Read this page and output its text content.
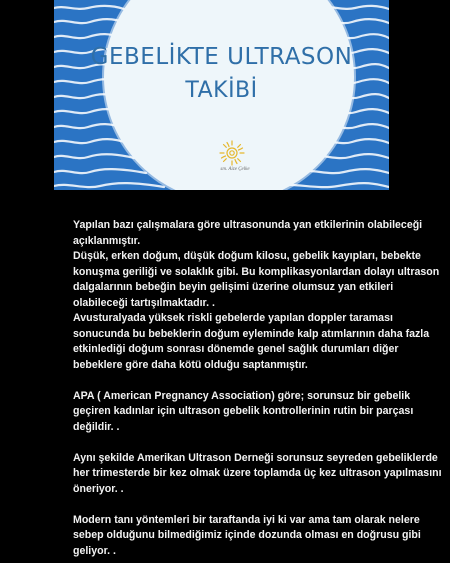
GEBELİKTE ULTRASON
TAKİBİ
sm. Aize Çelke

Yapılan bazı çalışmalara göre ultrasonunda yan etkilerinin olabileceği açıklanmıştır.

Düşük, erken doğum, düşük doğum kilosu, gebelik kayıpları, bebekte konuşma geriliği ve solaklık gibi. Bu komplikasyonlardan dolayı ultrason dalgalarının bebeğin beyin gelişimi üzerine olumsuz yan etkileri olabileceği tartışılmaktadır. .

Avusturalyada yüksek riskli gebelerde yapılan doppler taraması sonucunda bu bebeklerin doğum eyleminde kalp atımlarının daha fazla etkinlediği doğum sonrası dönemde genel sağlık durumları diğer bebeklere göre daha kötü olduğu saptanmıştır.

APA ( American Pregnancy Association) göre; sorunsuz bir gebelik geçiren kadınlar için ultrason gebelik kontrollerinin rutin bir parçası değildir. .

Aynı şekilde Amerikan Ultrason Derneği sorunsuz seyreden gebeliklerde her trimesterde bir kez olmak üzere toplamda üç kez ultrason yapılmasını öneriyor. .

Modern tanı yöntemleri bir taraftanda iyi ki var ama tam olarak nelere sebep olduğunu bilmediğimiz içinde dozunda olması en doğrusu gibi geliyor. .
